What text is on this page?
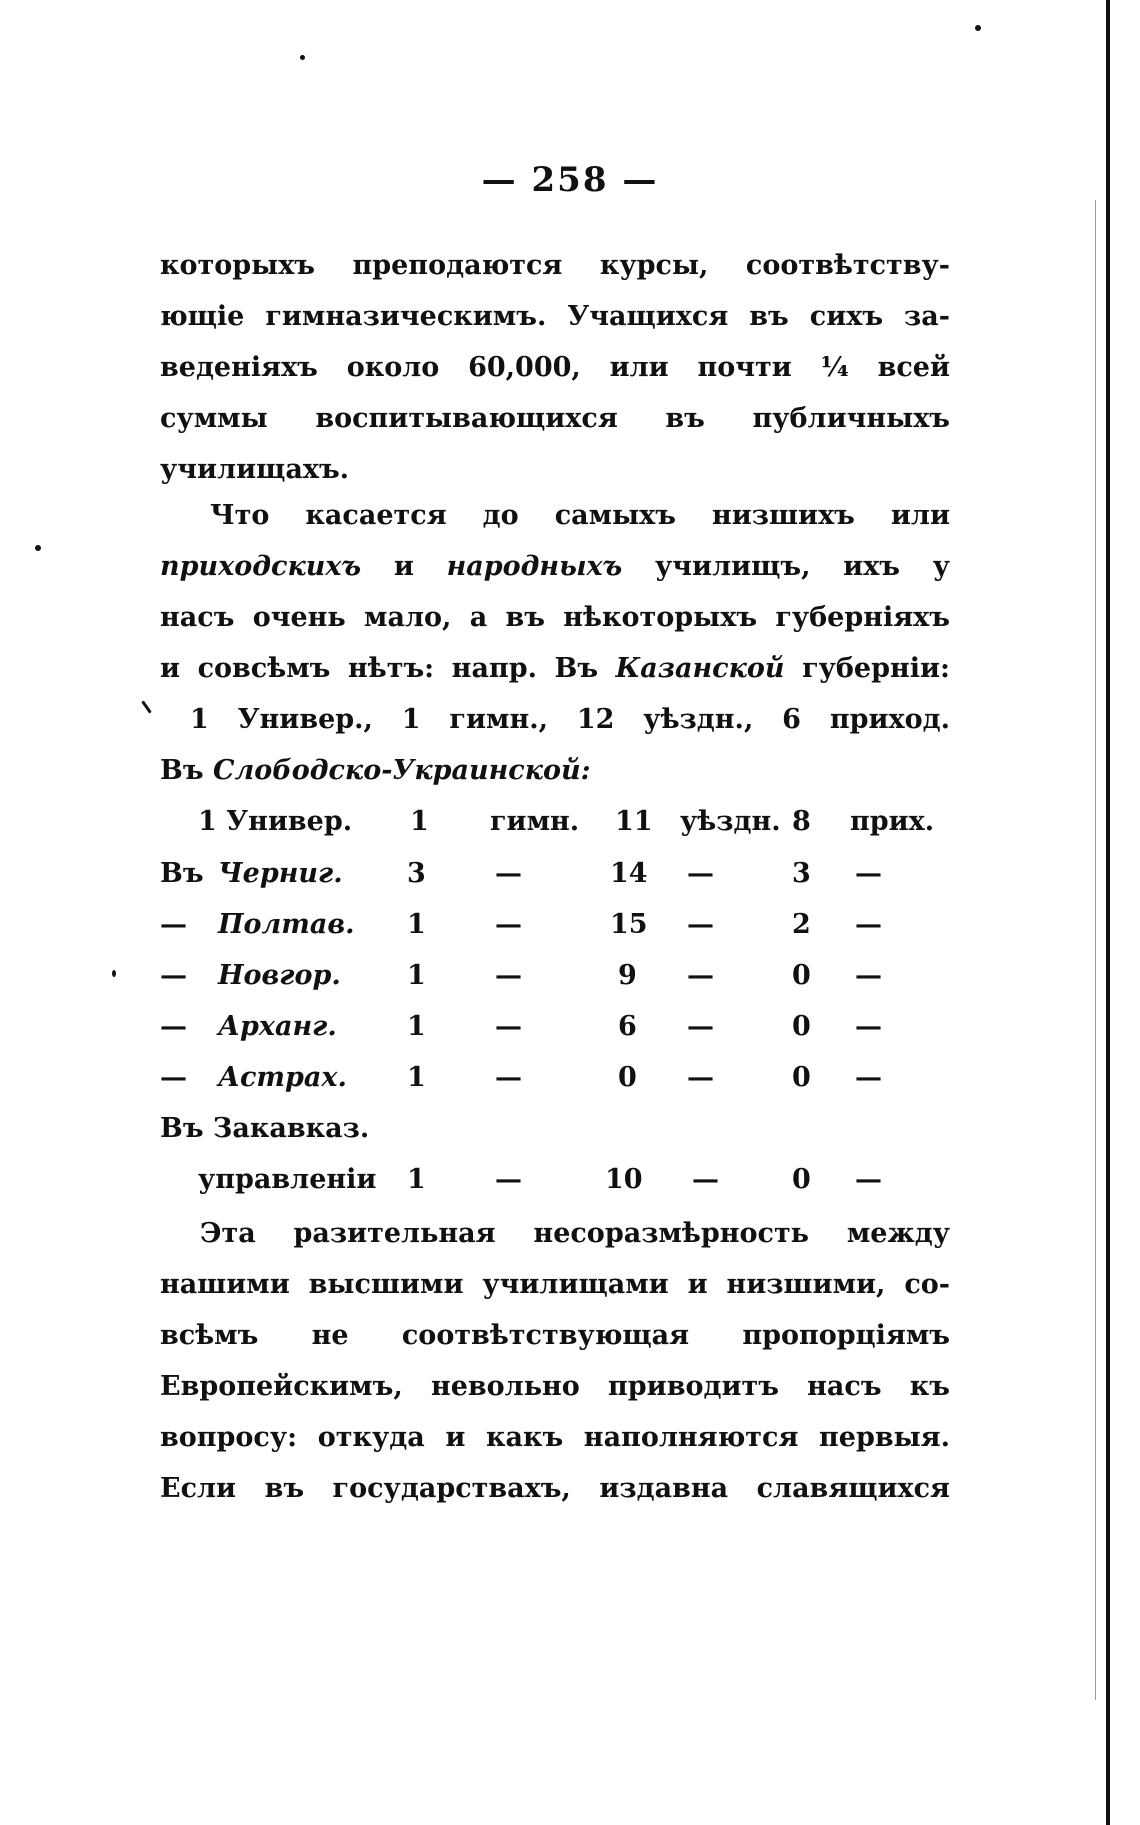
— 258 —
которыхъ преподаются курсы, соотвѣтству-
ющіе гимназическимъ. Учащихся въ сихъ за-
веденіяхъ около 60,000, или почти ¼ всей
суммы воспитывающихся въ публичныхъ
училищахъ.
Что касается до самыхъ низшихъ или
приходскихъ и народныхъ училищъ, ихъ у
насъ очень мало, а въ нѣкоторыхъ губерніяхъ
и совсѣмъ нѣтъ: напр. Въ Казанской губерніи:
1 Универ., 1 гимн., 12 уѣздн., 6 приход.
Въ Слободско-Украинской:
1 Универ. 1 гимн. 11 уѣздн. 8 прих.
Въ Черниг. 3	—	14 —	3 —
— Полтав. 1	—	15 —	2 —
— Новгор. 1	—	9 —	0 —
— Арханг.	1	—	6 —	0 —
— Астрах. 1	—	0 —	0 —
Въ Закавказ.
управленіи 1	—	10 —	0 —
Эта разительная несоразмѣрность между
нашими высшими училищами и низшими, со-
всѣмъ не соотвѣтствующая пропорціямъ
Европейскимъ, невольно приводитъ насъ къ
вопросу: откуда и какъ наполняются первыя.
Если въ государствахъ, издавна славящихся
